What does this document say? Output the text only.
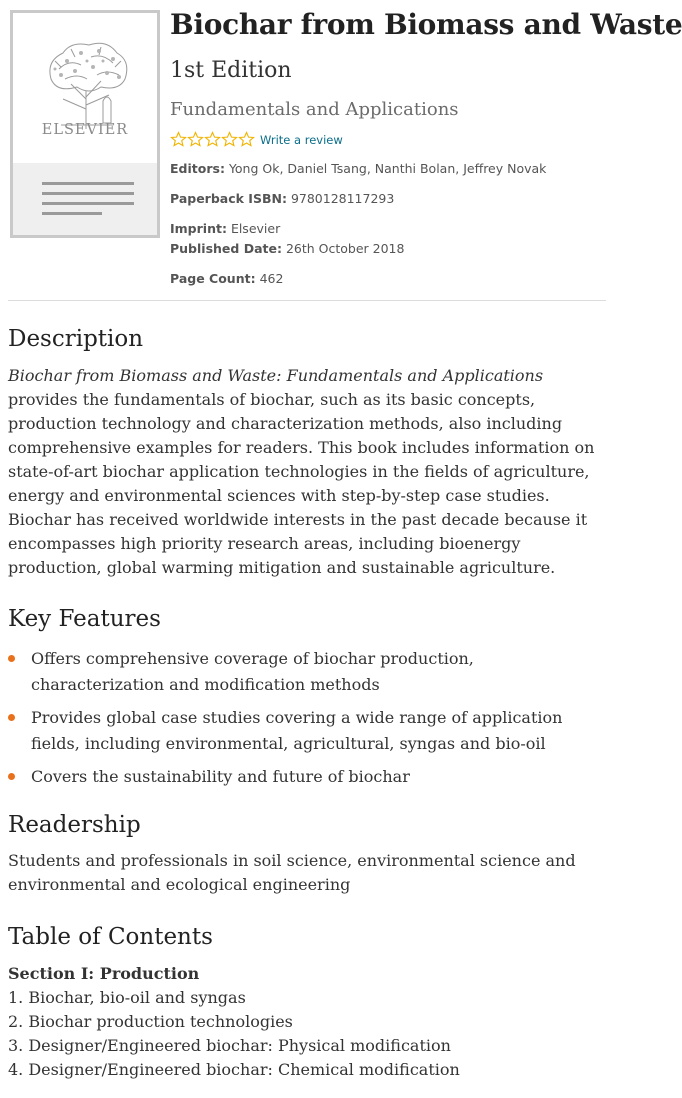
ELSEVIER
Biochar from Biomass and Waste
1st Edition
Fundamentals and Applications
Write a review
Editors: Yong Ok, Daniel Tsang, Nanthi Bolan, Jeffrey Novak
Paperback ISBN: 9780128117293
Imprint: Elsevier
Published Date: 26th October 2018
Page Count: 462
Description

Biochar from Biomass and Waste: Fundamentals and Applications provides the fundamentals of biochar, such as its basic concepts, production technology and characterization methods, also including comprehensive examples for readers. This book includes information on state-of-art biochar application technologies in the fields of agriculture, energy and environmental sciences with step-by-step case studies. Biochar has received worldwide interests in the past decade because it encompasses high priority research areas, including bioenergy production, global warming mitigation and sustainable agriculture.

Key Features
Offers comprehensive coverage of biochar production, characterization and modification methods
Provides global case studies covering a wide range of application fields, including environmental, agricultural, syngas and bio-oil
Covers the sustainability and future of biochar
Readership

Students and professionals in soil science, environmental science and environmental and ecological engineering

Table of Contents
Section I: Production
1. Biochar, bio-oil and syngas
2. Biochar production technologies
3. Designer/Engineered biochar: Physical modification
4. Designer/Engineered biochar: Chemical modification
